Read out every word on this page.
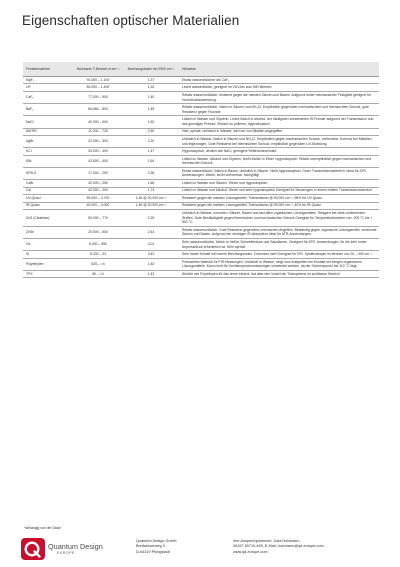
Eigenschaften optischer Materialien
Fenstermaterial	Nutzbarer T-Bereich in cm⁻¹	Brechungsindex bei 2000 cm⁻¹	Hinweise
MgF₂	91.000 – 1.100	1,37	Etwas wasserlöslicher als CaF₂
LiF	83.000 – 1.400	1,33	Leicht wasserlöslich, geeignet im VUV-bis zum NIR-Bereich
CaF₂	77.000 – 900	1,40	Relativ wasserunlöslich, resistent gegen die meisten Säuren und Basen. Aufgrund hoher mechanischer Festigkeit geeignet für Hochdruckanwendung.
BaF₂	66.666 – 800	1,45	Relativ wasserunlöslich, löslich in Säuren und NH₄Cl. Empfindlich gegenüber mechanischem und thermischem Schock, gute Resistenz gegen Fluoride
NaCl	40.000 – 600	1,52	Löslich in Wasser und Glyzerin. Leicht löslich in Alkohol. Am häufigsten verwendetes IR-Fenster aufgrund der Transmission und des günstigen Preises. Einfach zu polieren, hygroskopisch
AMTIR	11.000 – 725	2,50	Hart, spröde, unlöslich in Wasser, wird nur von Alkalien angegriffen.
AgBr	22.000 – 300	2,20	Unlöslich in Wasser, löslich in Säuren und NH₄Cl. Empfindlich gegen mechanischen Schock, verformbar. Korrosiv bei Metallen und legierungen. Gute Resistenz bei thermischem Schock, empfindlich gegenüber UV-Strahlung.
KCl	33.000 – 400	1,47	Hygroskopisch, ähnlich wie NaCl, geringere Reflexionsverluste.
KBr	43.500 – 400	1,54	Löslich in Wasser, Alkohol und Glyzerin, leicht löslich in Ether, hygroskopisch. Relativ unempfindlich gegen mechanischen und thermischen Schock
KRS-5	17.000 – 250	2,38	Etwas wasserlöslich, löslich in Basen, unlöslich in Säuren. Nicht hygroskopisch. Guter Transmissionsbereich, ideal für ATR-Anwendungen. Weich, leicht verformbar, hochgiftig!
CsBr	42.000 – 250	1,66	Löslich in Wasser und Säuren. Weich und hygroskopisch
CsI	42.000 – 200	1,74	Löslich in Wasser und Alkohol. Weich und sehr hygroskopisch Geeignet für Messungen in einem breiten Transmissionsbereich
UV-Quarz	59.000 – 3.700	1,46 @ 20.000 cm⁻¹	Resistent gegen die meisten Lösungsmittel. Transmission @ 50.000 cm⁻¹: 98% für UV-Quarz.
IR-Quarz	40.000 – 3.000	1,46 @ 20.000 cm⁻¹	Resistent gegen die meisten Lösungsmittel. Transmission @ 50.000 cm⁻¹: 40% für IR-Quarz.
ZnS (Cleartran)	50.000 – 770	2,25	Unlöslich in Wasser, normale n Säuren, Basen und fast allen organischen Lösungsmitteln. Reagiert bei stark oxidierenden Stoffen. Gute Beständigkeit gegen thermischen und mechanischen Schock Geeignet für Temperaturbereiche von -200 °C bis + 800 °C.
ZnSe	20.000 – 500	2,43	Relativ wasserunlöslich. Gute Resistenz gegenüber chemischen Angriffen. Beständig gegen organische Lösungsmittel, verdünnte Säuren und Basen. Aufgrund der niedrigen IR-Absorption ideal für ATR-Anwendungen.
Ge	5.000 – 550	4,01	Sehr wasserunlöslich, löslich in heißer Schwefelsäure und Salzsäuren. Geeignet für ATR- Anwendungen, für die kein hoher Anpressdruck erforderlich ist. Sehr spröde.
Si	8.333 – 33	3,42	Sehr harter Kristall mit hohem Brechungsindex. Chemisch inert Geeignet für FIR- Spektroskopie im Bereich von 20 – 400 cm⁻¹
Polyethylen	625 – <4	1,52	Preiswertes Material für FIR-Messungen. Unlöslich in Wasser, neigt zum Aufquellen bei Kontakt mit einigen organischen Lösungsmitteln. Kann nicht für Hochtemperaturmessungen verwendet werden, da der Schmelzpunkt bei 110 °C liegt.
TPX	50 – <4	1,43	Ähnlich wie Polyethylen für das ferne Infrarot, hat aber den Vorteil der Transparenz im sichtbaren Bereich
*abhängig von der Dicke
Quantum Design
EUROPE
Quantum Design GmbH
Breitwieserweg 9
D-64319 Pfungstadt
Ihre Ansprechpartnerin: Julia Holzmann,
06157 80710-495, E-Mail: holzmann@qd-europe.com
www.qd-europe.com
